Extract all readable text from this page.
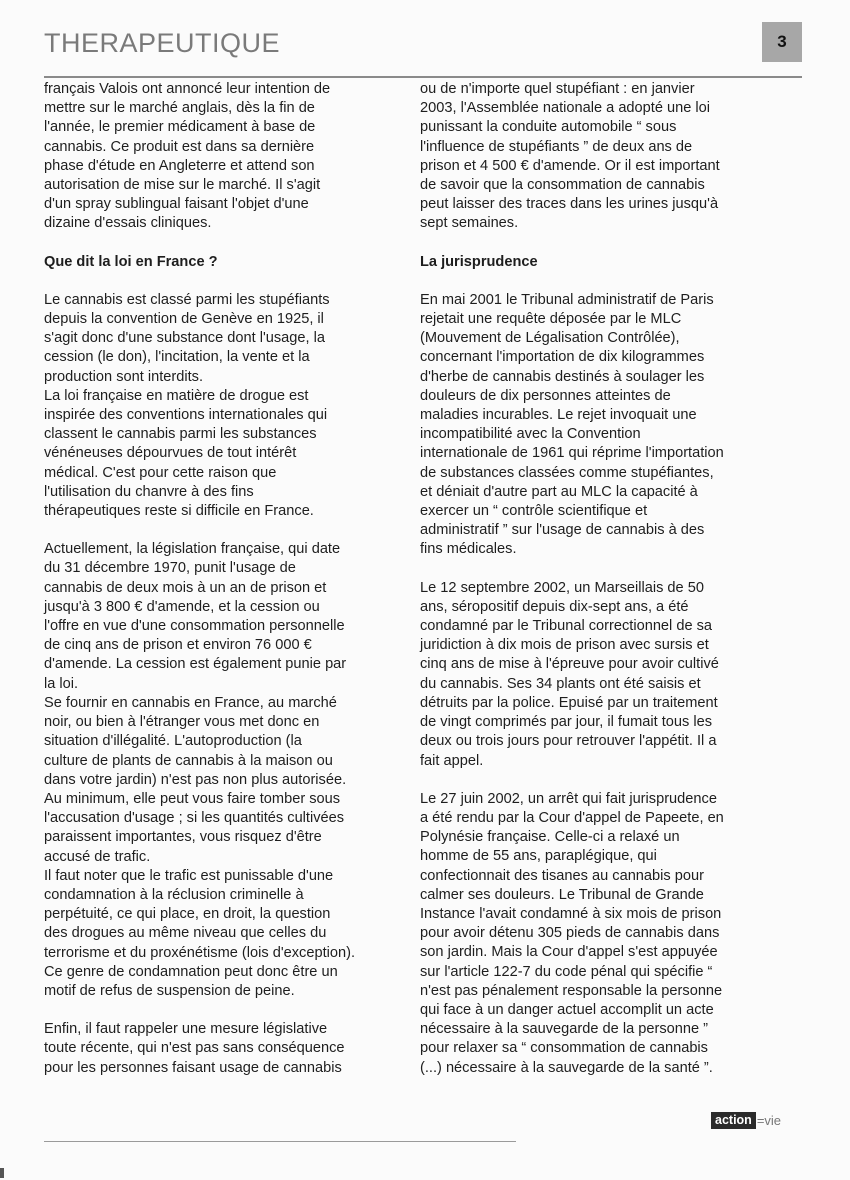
THERAPEUTIQUE	3
français Valois ont annoncé leur intention de
mettre sur le marché anglais, dès la fin de
l'année, le premier médicament à base de
cannabis. Ce produit est dans sa dernière
phase d'étude en Angleterre et attend son
autorisation de mise sur le marché. Il s'agit
d'un spray sublingual faisant l'objet d'une
dizaine d'essais cliniques.

Que dit la loi en France ?

Le cannabis est classé parmi les stupéfiants
depuis la convention de Genève en 1925, il
s'agit donc d'une substance dont l'usage, la
cession (le don), l'incitation, la vente et la
production sont interdits.
La loi française en matière de drogue est
inspirée des conventions internationales qui
classent le cannabis parmi les substances
vénéneuses dépourvues de tout intérêt
médical. C'est pour cette raison que
l'utilisation du chanvre à des fins
thérapeutiques reste si difficile en France.
Actuellement, la législation française, qui date
du 31 décembre 1970, punit l'usage de
cannabis de deux mois à un an de prison et
jusqu'à 3 800 € d'amende, et la cession ou
l'offre en vue d'une consommation personnelle
de cinq ans de prison et environ 76 000 €
d'amende. La cession est également punie par
la loi.
Se fournir en cannabis en France, au marché
noir, ou bien à l'étranger vous met donc en
situation d'illégalité. L'autoproduction (la
culture de plants de cannabis à la maison ou
dans votre jardin) n'est pas non plus autorisée.
Au minimum, elle peut vous faire tomber sous
l'accusation d'usage ; si les quantités cultivées
paraissent importantes, vous risquez d'être
accusé de trafic.
Il faut noter que le trafic est punissable d'une
condamnation à la réclusion criminelle à
perpétuité, ce qui place, en droit, la question
des drogues au même niveau que celles du
terrorisme et du proxénétisme (lois d'exception).
Ce genre de condamnation peut donc être un
motif de refus de suspension de peine.
Enfin, il faut rappeler une mesure législative
toute récente, qui n'est pas sans conséquence
pour les personnes faisant usage de cannabis
ou de n'importe quel stupéfiant : en janvier
2003, l'Assemblée nationale a adopté une loi
punissant la conduite automobile “ sous
l'influence de stupéfiants ” de deux ans de
prison et 4 500 € d'amende. Or il est important
de savoir que la consommation de cannabis
peut laisser des traces dans les urines jusqu'à
sept semaines.

La jurisprudence

En mai 2001 le Tribunal administratif de Paris
rejetait une requête déposée par le MLC
(Mouvement de Légalisation Contrôlée),
concernant l'importation de dix kilogrammes
d'herbe de cannabis destinés à soulager les
douleurs de dix personnes atteintes de
maladies incurables. Le rejet invoquait une
incompatibilité avec la Convention
internationale de 1961 qui réprime l'importation
de substances classées comme stupéfiantes,
et déniait d'autre part au MLC la capacité à
exercer un “ contrôle scientifique et
administratif ” sur l'usage de cannabis à des
fins médicales.
Le 12 septembre 2002, un Marseillais de 50
ans, séropositif depuis dix-sept ans, a été
condamné par le Tribunal correctionnel de sa
juridiction à dix mois de prison avec sursis et
cinq ans de mise à l'épreuve pour avoir cultivé
du cannabis. Ses 34 plants ont été saisis et
détruits par la police. Epuisé par un traitement
de vingt comprimés par jour, il fumait tous les
deux ou trois jours pour retrouver l'appétit. Il a
fait appel.
Le 27 juin 2002, un arrêt qui fait jurisprudence
a été rendu par la Cour d'appel de Papeete, en
Polynésie française. Celle-ci a relaxé un
homme de 55 ans, paraplégique, qui
confectionnait des tisanes au cannabis pour
calmer ses douleurs. Le Tribunal de Grande
Instance l'avait condamné à six mois de prison
pour avoir détenu 305 pieds de cannabis dans
son jardin. Mais la Cour d'appel s'est appuyée
sur l'article 122-7 du code pénal qui spécifie “
n'est pas pénalement responsable la personne
qui face à un danger actuel accomplit un acte
nécessaire à la sauvegarde de la personne ”
pour relaxer sa “ consommation de cannabis
(...) nécessaire à la sauvegarde de la santé ”.
action =vie
